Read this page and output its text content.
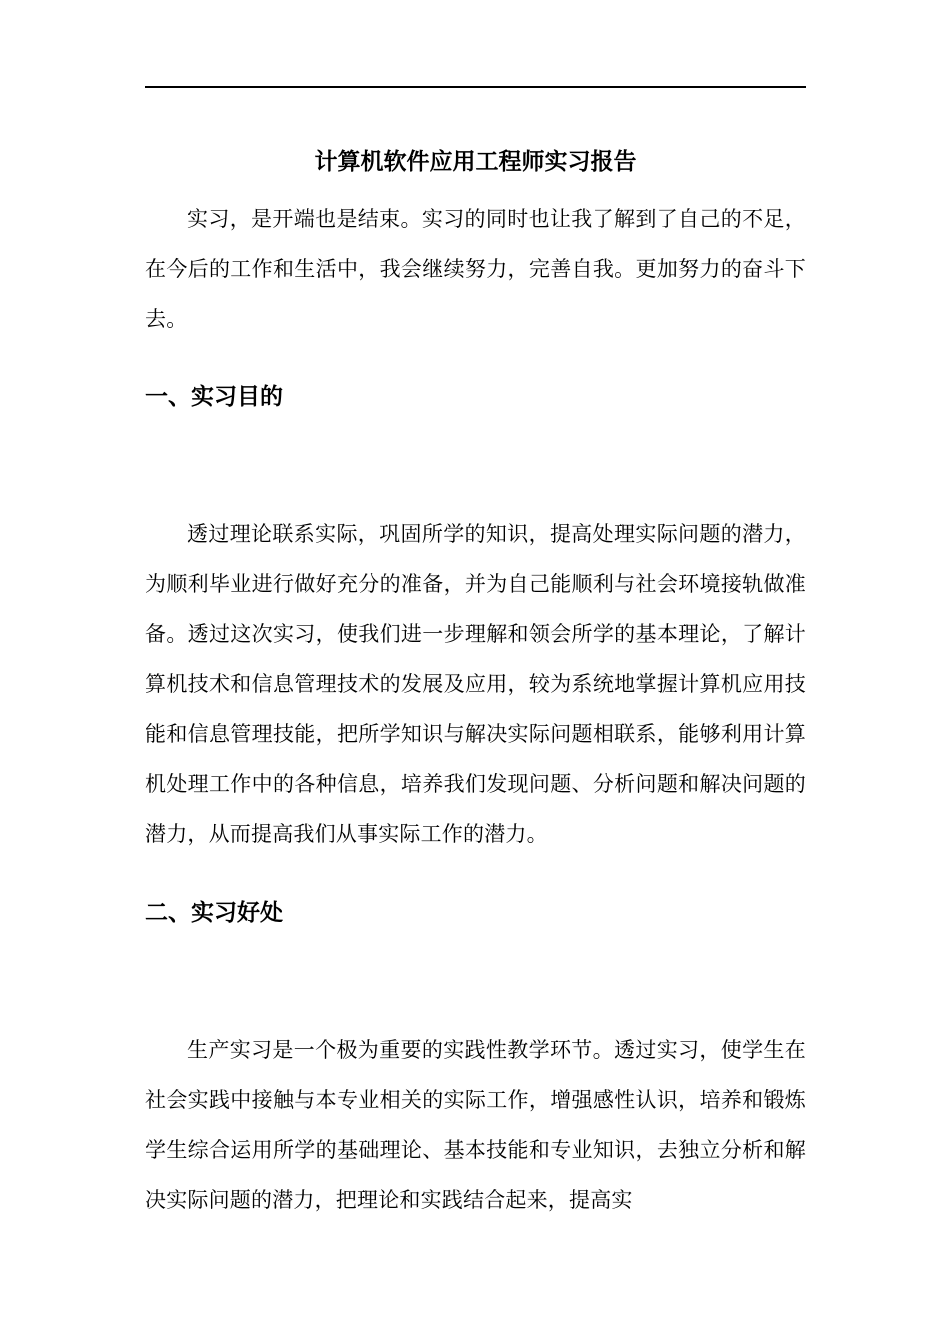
计算机软件应用工程师实习报告

实习，是开端也是结束。实习的同时也让我了解到了自己的不足，在今后的工作和生活中，我会继续努力，完善自我。更加努力的奋斗下去。

一、实习目的

透过理论联系实际，巩固所学的知识，提高处理实际问题的潜力，为顺利毕业进行做好充分的准备，并为自己能顺利与社会环境接轨做准备。透过这次实习，使我们进一步理解和领会所学的基本理论，了解计算机技术和信息管理技术的发展及应用，较为系统地掌握计算机应用技能和信息管理技能，把所学知识与解决实际问题相联系，能够利用计算机处理工作中的各种信息，培养我们发现问题、分析问题和解决问题的潜力，从而提高我们从事实际工作的潜力。

二、实习好处

生产实习是一个极为重要的实践性教学环节。透过实习，使学生在社会实践中接触与本专业相关的实际工作，增强感性认识，培养和锻炼学生综合运用所学的基础理论、基本技能和专业知识，去独立分析和解决实际问题的潜力，把理论和实践结合起来，提高实
